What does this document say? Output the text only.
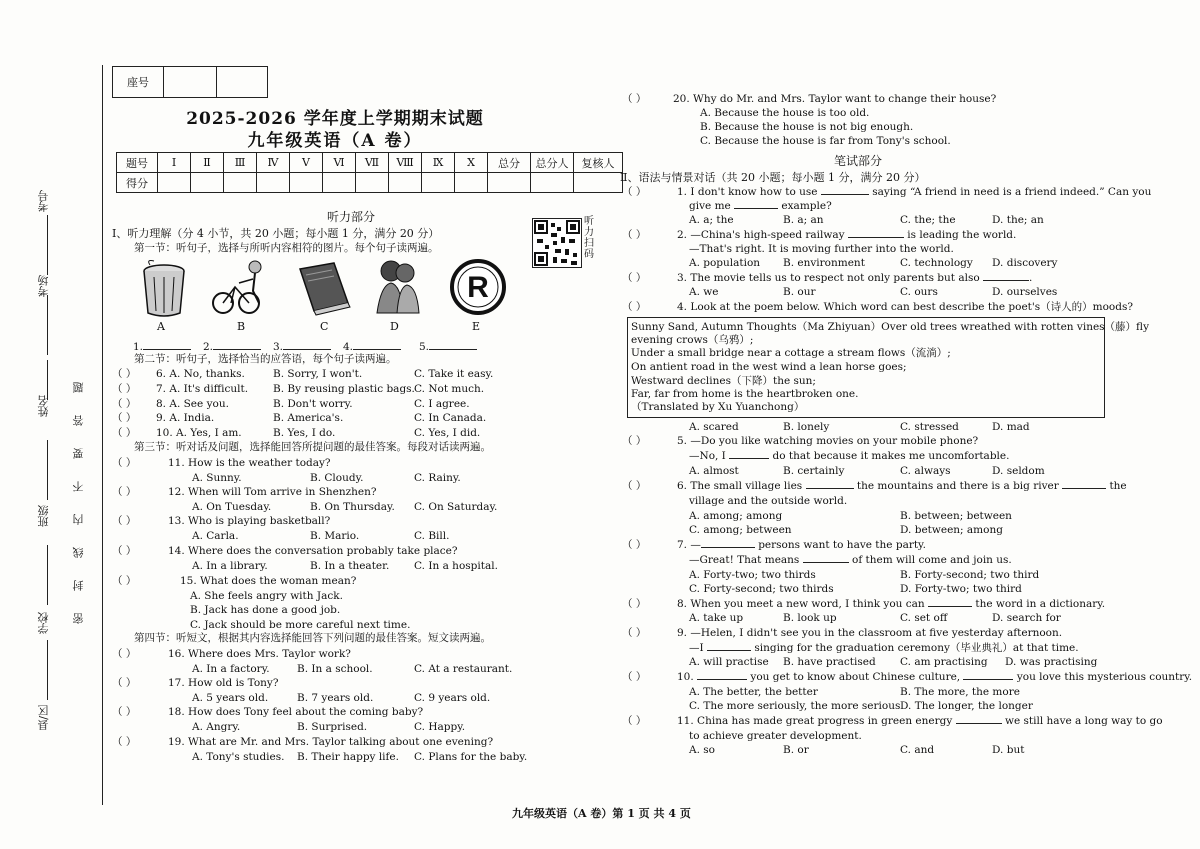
考号
考场
姓名
班级
学校
县/区
密封线内不要答题
座号		
2025-2026 学年度上学期期末试题
九年级英语（A 卷）
题号	Ⅰ	Ⅱ	Ⅲ	Ⅳ	Ⅴ	Ⅵ	Ⅶ	Ⅷ	Ⅸ	Ⅹ	总分	总分人	复核人
得分													
听力部分
Ⅰ、听力理解（分 4 小节，共 20 小题；每小题 1 分，满分 20 分）
第一节：听句子，选择与所听内容相符的图片。每个句子读两遍。
听力扫码
R
A	B	C	D	E
1.	2.	3.	4.	5.
第二节：听句子，选择恰当的应答语，每个句子读两遍。
（ ） 6. A. No, thanks.	B. Sorry, I won't.	C. Take it easy.
（ ） 7. A. It's difficult. B. By reusing plastic bags. C. Not much.
（ ） 8. A. See you.	B. Don't worry.	C. I agree.
（ ） 9. A. India.	B. America's.	C. In Canada.
（ ） 10. A. Yes, I am.	B. Yes, I do.	C. Yes, I did.
第三节：听对话及问题，选择能回答所提问题的最佳答案。每段对话读两遍。
（ ）	11. How is the weather today?
A. Sunny.	B. Cloudy.	C. Rainy.
（ ）	12. When will Tom arrive in Shenzhen?
A. On Tuesday.	B. On Thursday. C. On Saturday.
（ ）	13. Who is playing basketball?
A. Carla.	B. Mario.	C. Bill.
（ ）	14. Where does the conversation probably take place?
A. In a library.	B. In a theater. C. In a hospital.
（ ）	15. What does the woman mean?
A. She feels angry with Jack.
B. Jack has done a good job.
C. Jack should be more careful next time.
第四节：听短文，根据其内容选择能回答下列问题的最佳答案。短文读两遍。
（ ）	16. Where does Mrs. Taylor work?
A. In a factory.	B. In a school.	C. At a restaurant.
（ ）	17. How old is Tony?
A. 5 years old.	B. 7 years old.	C. 9 years old.
（ ）	18. How does Tony feel about the coming baby?
A. Angry.	B. Surprised.	C. Happy.
（ ）	19. What are Mr. and Mrs. Taylor talking about one evening?
A. Tony's studies. B. Their happy life. C. Plans for the baby.
（ ）	20. Why do Mr. and Mrs. Taylor want to change their house?
A. Because the house is too old.
B. Because the house is not big enough.
C. Because the house is far from Tony's school.
笔试部分
Ⅱ、语法与情景对话（共 20 小题；每小题 1 分，满分 20 分）
（ ）	1. I don't know how to use	saying “A friend in need is a friend indeed.” Can you
give me	example?
A. a; the	B. a; an	C. the; the	D. the; an
（ ）	2. —China's high-speed railway	is leading the world.
—That's right. It is moving further into the world.
A. population B. environment	C. technology D. discovery
（ ）	3. The movie tells us to respect not only parents but also	.
A. we	B. our	C. ours	D. ourselves
（ ）	4. Look at the poem below. Which word can best describe the poet's（诗人的）moods?
Sunny Sand, Autumn Thoughts（Ma Zhiyuan）Over old trees wreathed with rotten vines（藤）fly
evening crows（乌鸦）;
Under a small bridge near a cottage a stream flows（流淌）;
On antient road in the west wind a lean horse goes;
Westward declines（下降）the sun;
Far, far from home is the heartbroken one.
（Translated by Xu Yuanchong）
A. scared	B. lonely	C. stressed	D. mad
（ ）	5. —Do you like watching movies on your mobile phone?
—No, I	do that because it makes me uncomfortable.
A. almost	B. certainly	C. always	D. seldom
（ ）	6. The small village lies	the mountains and there is a big river	the
village and the outside world.
A. among; among	B. between; between
C. among; between	D. between; among
（ ）	7. —	persons want to have the party.
—Great! That means	of them will come and join us.
A. Forty-two; two thirds	B. Forty-second; two third
C. Forty-second; two thirds	D. Forty-two; two third
（ ）	8. When you meet a new word, I think you can	the word in a dictionary.
A. take up	B. look up	C. set off	D. search for
（ ）	9. —Helen, I didn't see you in the classroom at five yesterday afternoon.
—I	singing for the graduation ceremony（毕业典礼）at that time.
A. will practise B. have practised C. am practising D. was practising
（ ）	10.	you get to know about Chinese culture,	you love this mysterious country.
A. The better, the better	B. The more, the more
C. The more seriously, the more serious D. The longer, the longer
（ ）	11. China has made great progress in green energy	we still have a long way to go
to achieve greater development.
A. so	B. or	C. and	D. but
九年级英语（A 卷）第 1 页 共 4 页
